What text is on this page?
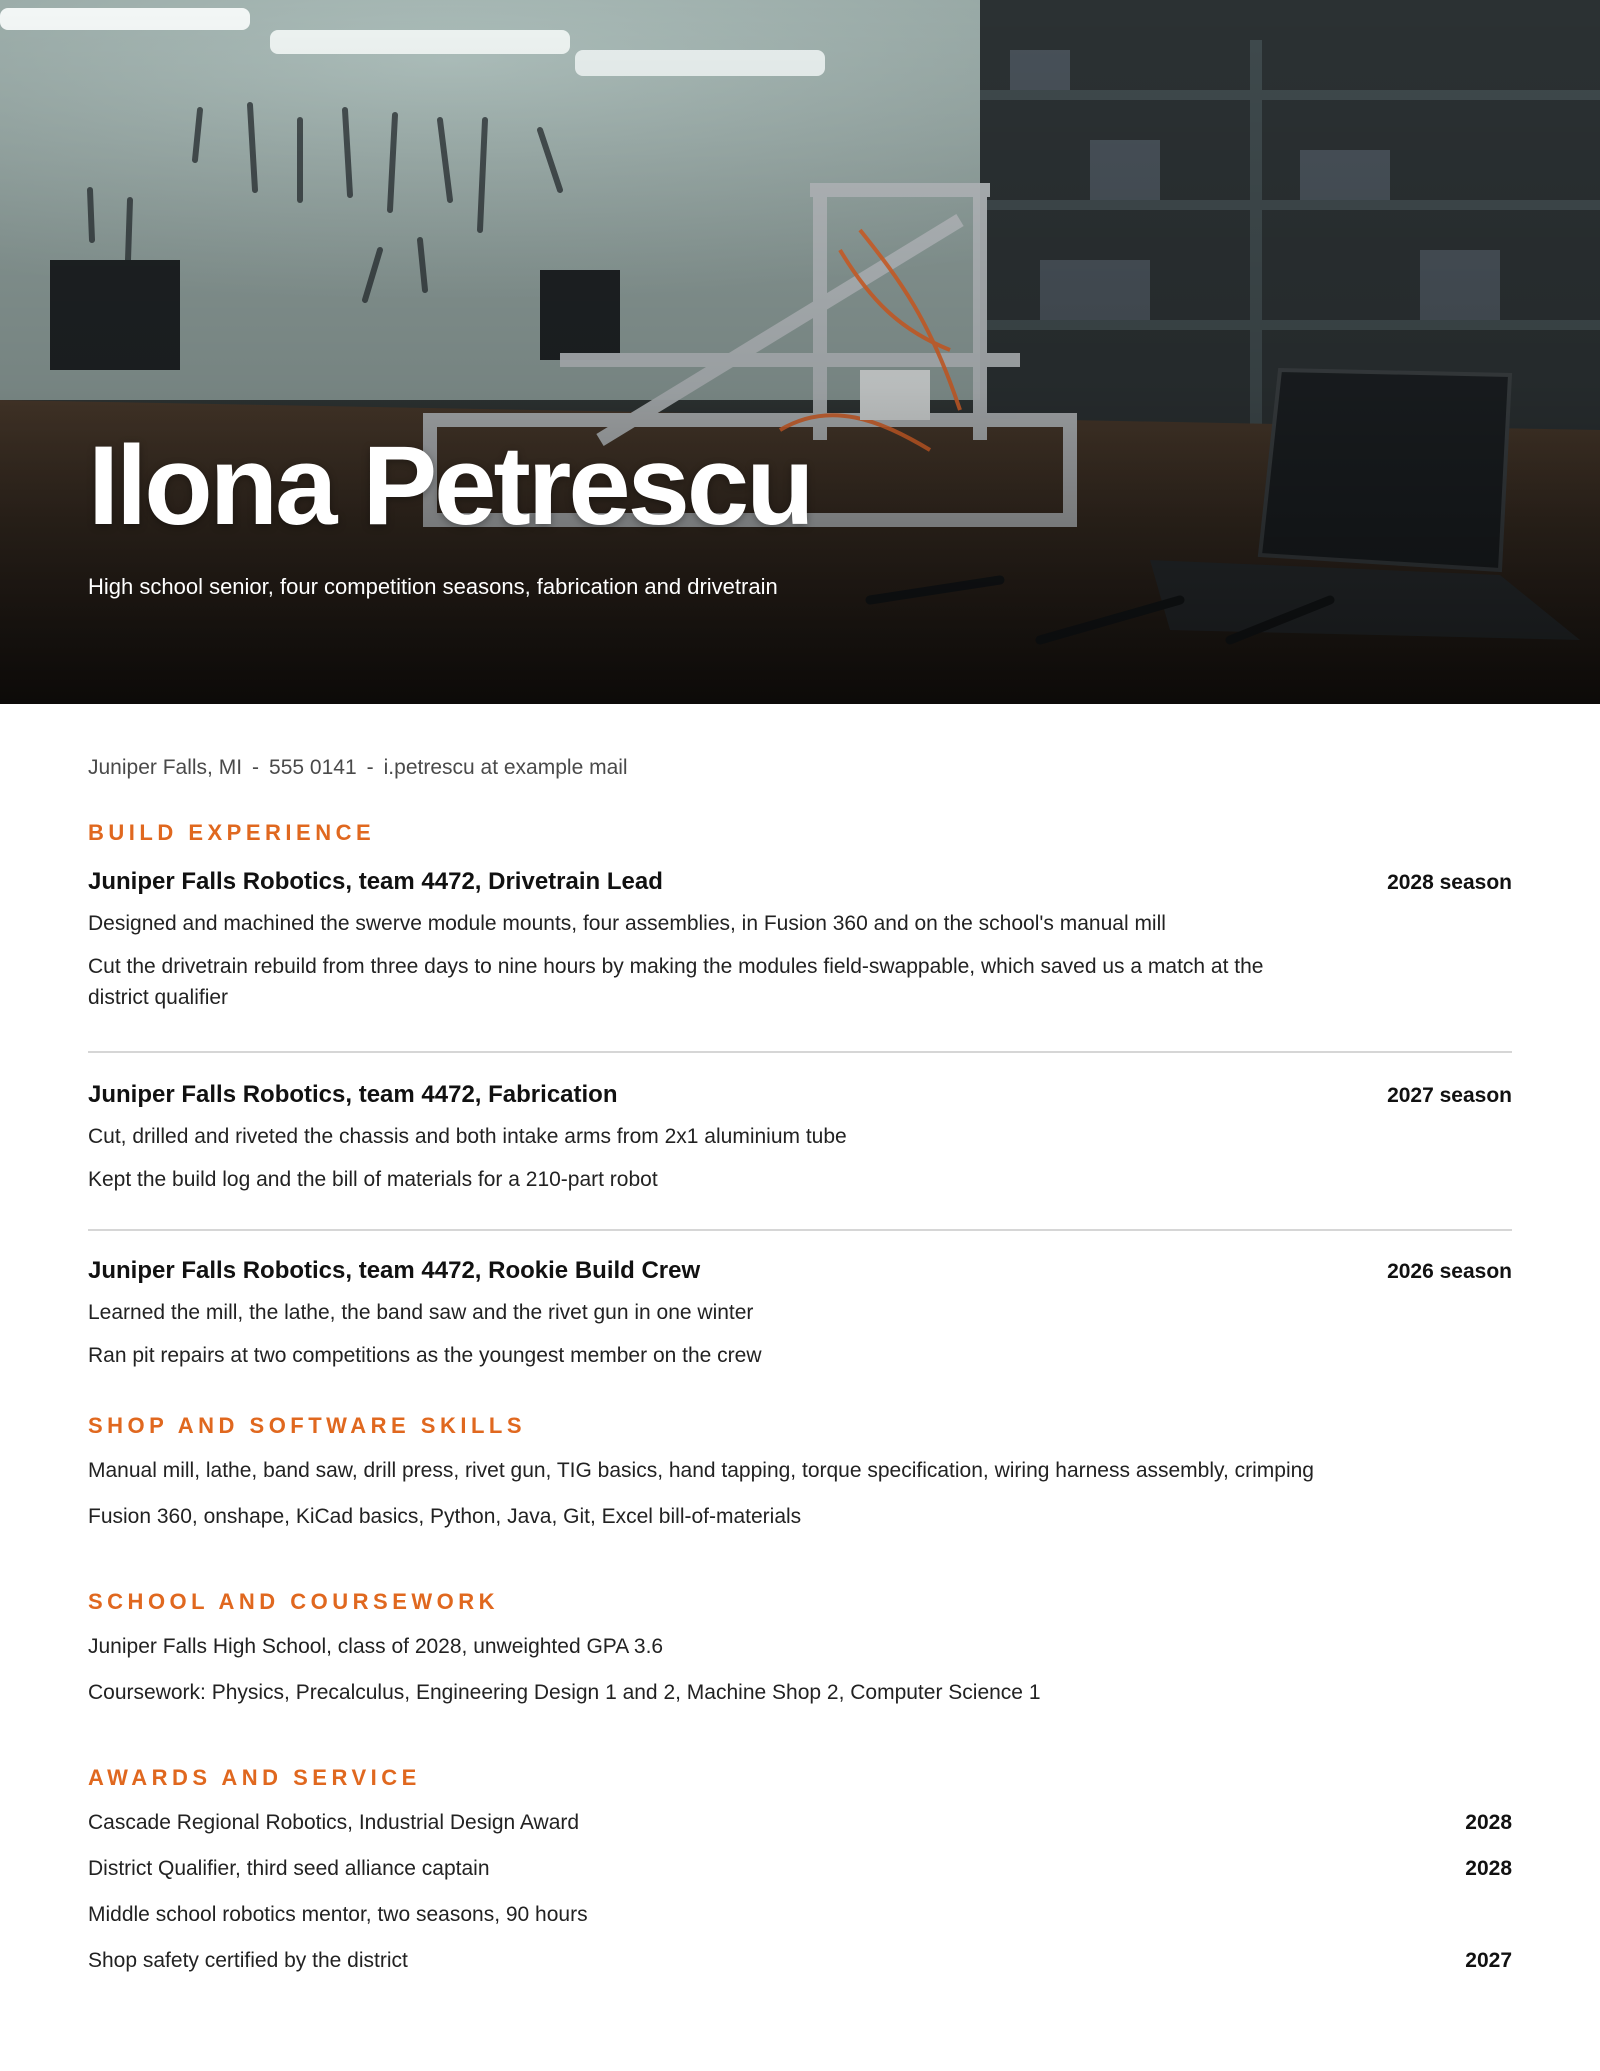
Ilona Petrescu
High school senior, four competition seasons, fabrication and drivetrain
Juniper Falls, MI - 555 0141 - i.petrescu at example mail
BUILD EXPERIENCE
Juniper Falls Robotics, team 4472, Drivetrain Lead	2028 season
Designed and machined the swerve module mounts, four assemblies, in Fusion 360 and on the school's manual mill
Cut the drivetrain rebuild from three days to nine hours by making the modules field-swappable, which saved us a match at the district qualifier
Juniper Falls Robotics, team 4472, Fabrication	2027 season
Cut, drilled and riveted the chassis and both intake arms from 2x1 aluminium tube
Kept the build log and the bill of materials for a 210-part robot
Juniper Falls Robotics, team 4472, Rookie Build Crew	2026 season
Learned the mill, the lathe, the band saw and the rivet gun in one winter
Ran pit repairs at two competitions as the youngest member on the crew
SHOP AND SOFTWARE SKILLS
Manual mill, lathe, band saw, drill press, rivet gun, TIG basics, hand tapping, torque specification, wiring harness assembly, crimping
Fusion 360, onshape, KiCad basics, Python, Java, Git, Excel bill-of-materials
SCHOOL AND COURSEWORK
Juniper Falls High School, class of 2028, unweighted GPA 3.6
Coursework: Physics, Precalculus, Engineering Design 1 and 2, Machine Shop 2, Computer Science 1
AWARDS AND SERVICE
Cascade Regional Robotics, Industrial Design Award	2028
District Qualifier, third seed alliance captain	2028
Middle school robotics mentor, two seasons, 90 hours
Shop safety certified by the district	2027
